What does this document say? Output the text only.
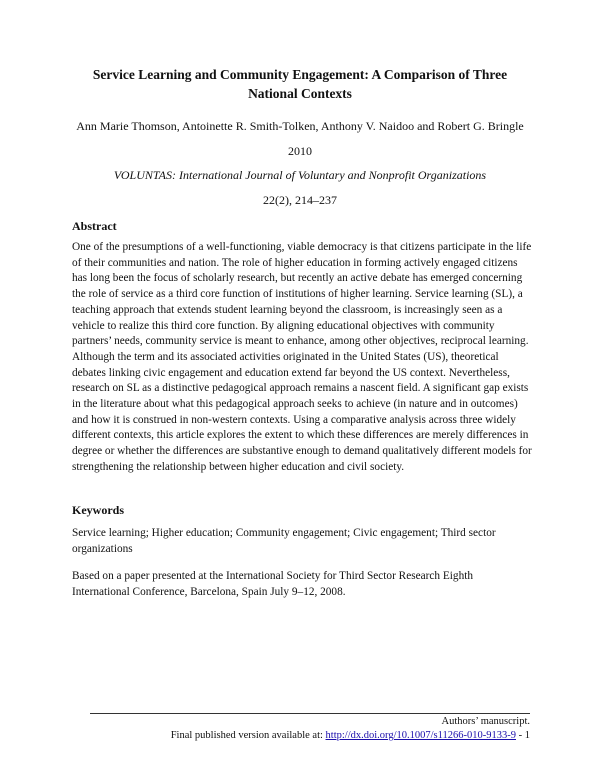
Service Learning and Community Engagement: A Comparison of Three
National Contexts
Ann Marie Thomson, Antoinette R. Smith-Tolken, Anthony V. Naidoo and Robert G. Bringle
2010
VOLUNTAS: International Journal of Voluntary and Nonprofit Organizations
22(2), 214–237
Abstract

One of the presumptions of a well-functioning, viable democracy is that citizens participate in the life of their communities and nation. The role of higher education in forming actively engaged citizens has long been the focus of scholarly research, but recently an active debate has emerged concerning the role of service as a third core function of institutions of higher learning. Service learning (SL), a teaching approach that extends student learning beyond the classroom, is increasingly seen as a vehicle to realize this third core function. By aligning educational objectives with community partners’ needs, community service is meant to enhance, among other objectives, reciprocal learning. Although the term and its associated activities originated in the United States (US), theoretical debates linking civic engagement and education extend far beyond the US context. Nevertheless, research on SL as a distinctive pedagogical approach remains a nascent field. A significant gap exists in the literature about what this pedagogical approach seeks to achieve (in nature and in outcomes) and how it is construed in non-western contexts. Using a comparative analysis across three widely different contexts, this article explores the extent to which these differences are merely differences in degree or whether the differences are substantive enough to demand qualitatively different models for strengthening the relationship between higher education and civil society.

Keywords

Service learning; Higher education; Community engagement; Civic engagement; Third sector organizations

Based on a paper presented at the International Society for Third Sector Research Eighth International Conference, Barcelona, Spain July 9–12, 2008.

Authors’ manuscript.
Final published version available at: http://dx.doi.org/10.1007/s11266-010-9133-9 - 1
